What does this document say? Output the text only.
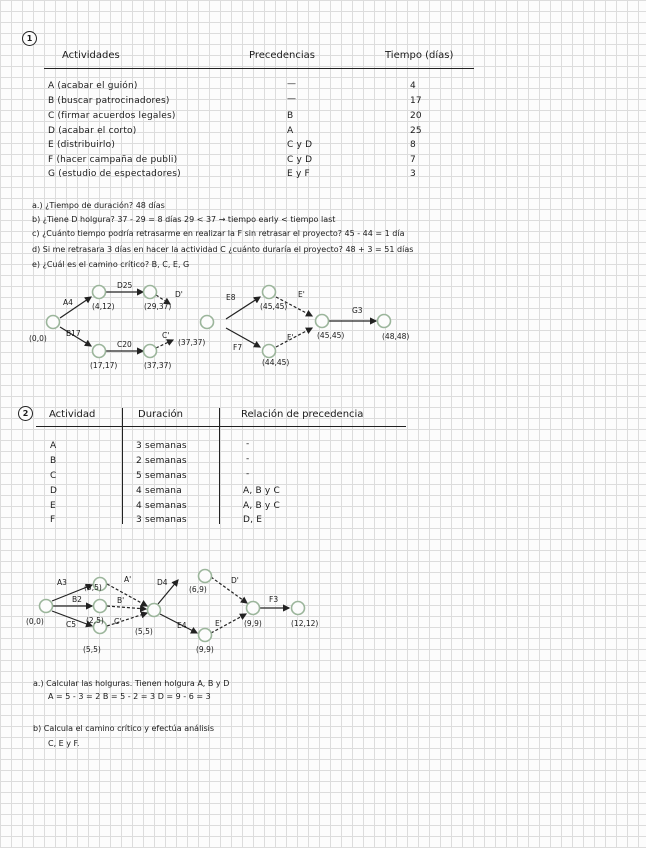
1
Actividades	Precedencias	Tiempo (días)
A (acabar el guión)	—	4
B (buscar patrocinadores)	—	17
C (firmar acuerdos legales)	B	20
D (acabar el corto)	A	25
E (distribuirlo)	C y D	8
F (hacer campaña de publi)	C y D	7
G (estudio de espectadores)	E y F	3
a.) ¿Tiempo de duración? 48 días
b) ¿Tiene D holgura? 37 - 29 = 8 días 29 < 37 → tiempo early < tiempo last
c) ¿Cuánto tiempo podría retrasarme en realizar la F sin retrasar el proyecto? 45 - 44 = 1 día
d) Si me retrasara 3 días en hacer la actividad C ¿cuánto duraría el proyecto? 48 + 3 = 51 días
e) ¿Cuál es el camino crítico? B, C, E, G
A4
B17
D25
D'
C20
C'
E8
F7
E'
F'
G3
(0,0)
(4,12)	(29,37)
(17,17)	(37,37)
(37,37)
(45,45)
(44,45)
(45,45)	(48,48)
2	Actividad	Duración	Relación de precedencia
A	3 semanas	-
B	2 semanas	-
C	5 semanas	-
D	4 semana	A, B y C
E	4 semanas	A, B y C
F	3 semanas	D, E
A3
B2
C5
A'
B'
C'
D4
E4
D'
E'
F3
(0,0)
(3,5)
(2,5)
(5,5)
(5,5)
(6,9)
(9,9)
(9,9)	(12,12)
a.) Calcular las holguras. Tienen holgura A, B y D
A = 5 - 3 = 2 B = 5 - 2 = 3 D = 9 - 6 = 3
b) Calcula el camino crítico y efectúa análisis
C, E y F.
